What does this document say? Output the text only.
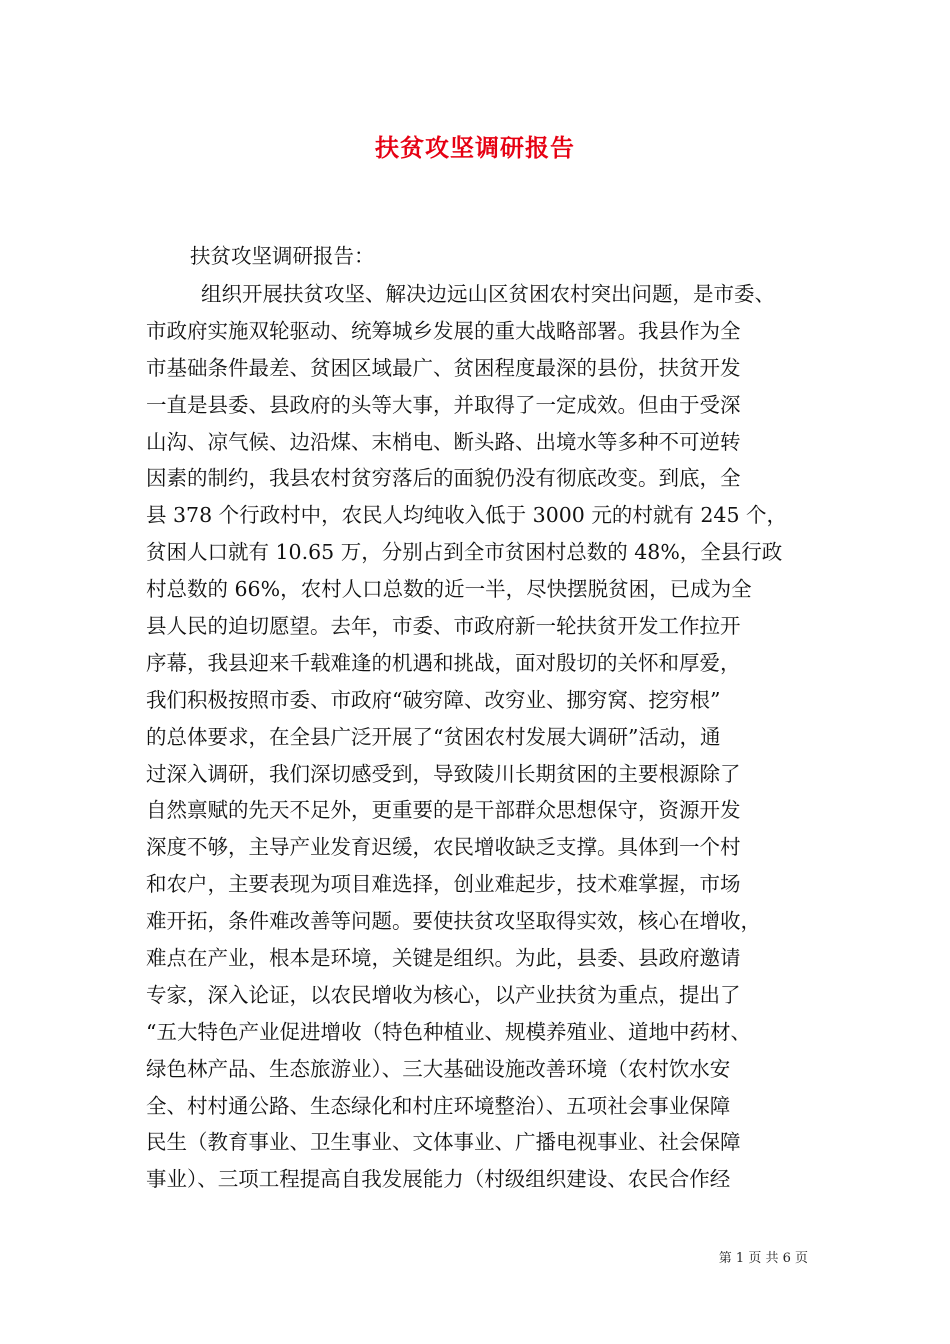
扶贫攻坚调研报告
扶贫攻坚调研报告：
组织开展扶贫攻坚、解决边远山区贫困农村突出问题，是市委、
市政府实施双轮驱动、统筹城乡发展的重大战略部署。我县作为全
市基础条件最差、贫困区域最广、贫困程度最深的县份，扶贫开发
一直是县委、县政府的头等大事，并取得了一定成效。但由于受深
山沟、凉气候、边沿煤、末梢电、断头路、出境水等多种不可逆转
因素的制约，我县农村贫穷落后的面貌仍没有彻底改变。到底，全
县 378 个行政村中，农民人均纯收入低于 3000 元的村就有 245 个，
贫困人口就有 10.65 万，分别占到全市贫困村总数的 48%，全县行政
村总数的 66%，农村人口总数的近一半，尽快摆脱贫困，已成为全
县人民的迫切愿望。去年，市委、市政府新一轮扶贫开发工作拉开
序幕，我县迎来千载难逢的机遇和挑战，面对殷切的关怀和厚爱，
我们积极按照市委、市政府“破穷障、改穷业、挪穷窝、挖穷根”
的总体要求，在全县广泛开展了“贫困农村发展大调研”活动，通
过深入调研，我们深切感受到，导致陵川长期贫困的主要根源除了
自然禀赋的先天不足外，更重要的是干部群众思想保守，资源开发
深度不够，主导产业发育迟缓，农民增收缺乏支撑。具体到一个村
和农户，主要表现为项目难选择，创业难起步，技术难掌握，市场
难开拓，条件难改善等问题。要使扶贫攻坚取得实效，核心在增收，
难点在产业，根本是环境，关键是组织。为此，县委、县政府邀请
专家，深入论证，以农民增收为核心，以产业扶贫为重点，提出了
“五大特色产业促进增收（特色种植业、规模养殖业、道地中药材、
绿色林产品、生态旅游业）、三大基础设施改善环境（农村饮水安
全、村村通公路、生态绿化和村庄环境整治）、五项社会事业保障
民生（教育事业、卫生事业、文体事业、广播电视事业、社会保障
事业）、三项工程提高自我发展能力（村级组织建设、农民合作经
第 1 页 共 6 页
